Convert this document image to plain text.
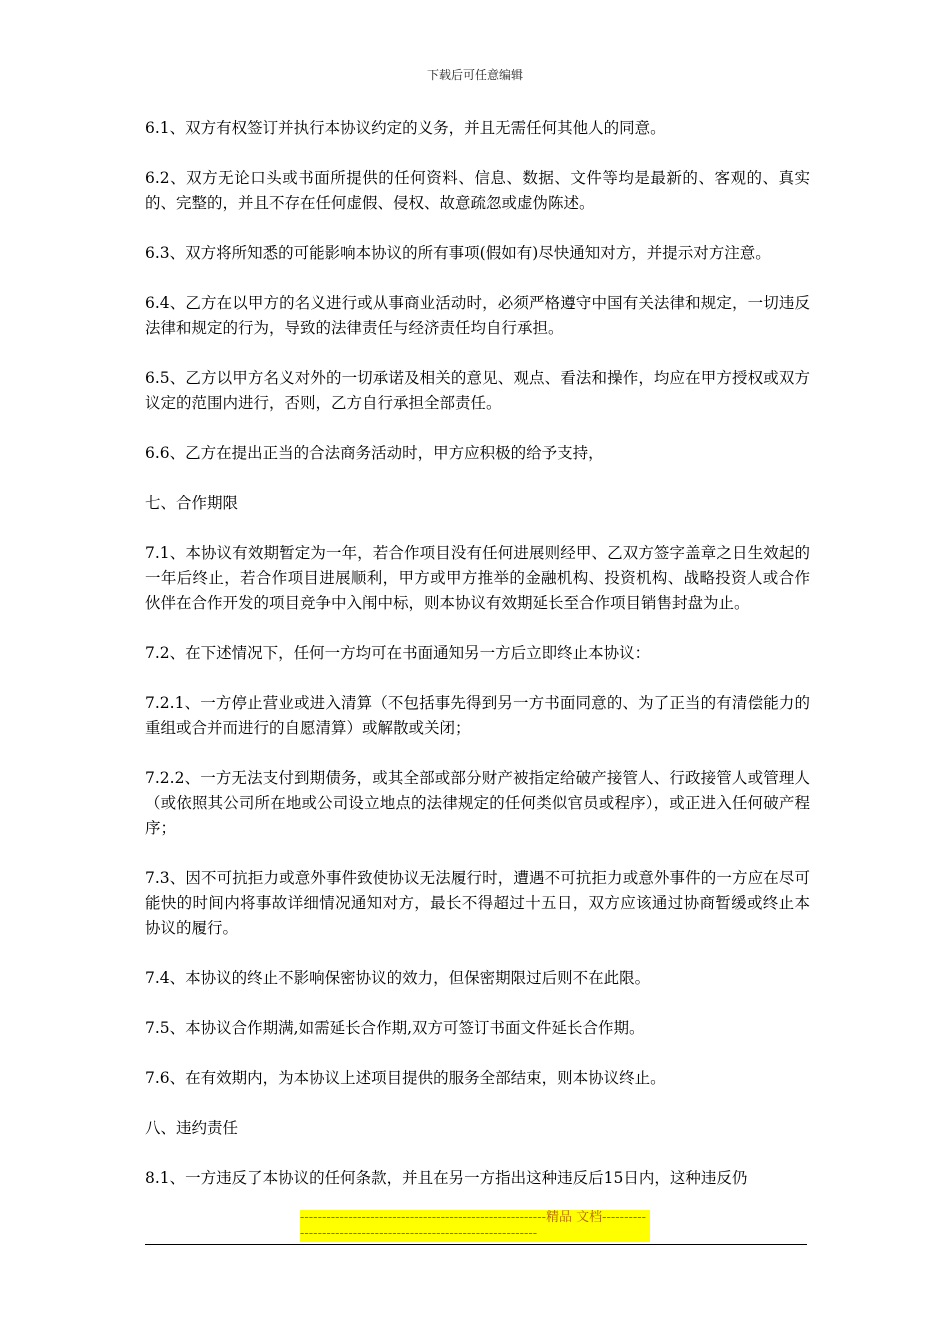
下载后可任意编辑

6.1、双方有权签订并执行本协议约定的义务，并且无需任何其他人的同意。

6.2、双方无论口头或书面所提供的任何资料、信息、数据、文件等均是最新的、客观的、真实的、完整的，并且不存在任何虚假、侵权、故意疏忽或虚伪陈述。

6.3、双方将所知悉的可能影响本协议的所有事项(假如有)尽快通知对方，并提示对方注意。

6.4、乙方在以甲方的名义进行或从事商业活动时，必须严格遵守中国有关法律和规定，一切违反法律和规定的行为，导致的法律责任与经济责任均自行承担。

6.5、乙方以甲方名义对外的一切承诺及相关的意见、观点、看法和操作，均应在甲方授权或双方议定的范围内进行，否则，乙方自行承担全部责任。

6.6、乙方在提出正当的合法商务活动时，甲方应积极的给予支持，

七、合作期限

7.1、本协议有效期暂定为一年，若合作项目没有任何进展则经甲、乙双方签字盖章之日生效起的一年后终止，若合作项目进展顺利，甲方或甲方推举的金融机构、投资机构、战略投资人或合作伙伴在合作开发的项目竞争中入闱中标，则本协议有效期延长至合作项目销售封盘为止。

7.2、在下述情况下，任何一方均可在书面通知另一方后立即终止本协议：

7.2.1、一方停止营业或进入清算（不包括事先得到另一方书面同意的、为了正当的有清偿能力的重组或合并而进行的自愿清算）或解散或关闭；

7.2.2、一方无法支付到期债务，或其全部或部分财产被指定给破产接管人、行政接管人或管理人（或依照其公司所在地或公司设立地点的法律规定的任何类似官员或程序），或正进入任何破产程序；

7.3、因不可抗拒力或意外事件致使协议无法履行时，遭遇不可抗拒力或意外事件的一方应在尽可能快的时间内将事故详细情况通知对方，最长不得超过十五日，双方应该通过协商暂缓或终止本协议的履行。

7.4、本协议的终止不影响保密协议的效力，但保密期限过后则不在此限。

7.5、本协议合作期满,如需延长合作期,双方可签订书面文件延长合作期。

7.6、在有效期内，为本协议上述项目提供的服务全部结束，则本协议终止。

八、违约责任

8.1、一方违反了本协议的任何条款，并且在另一方指出这种违反后15日内，这种违反仍

--------------------------------------------------------精品 文档----------------------------------------------------------------
